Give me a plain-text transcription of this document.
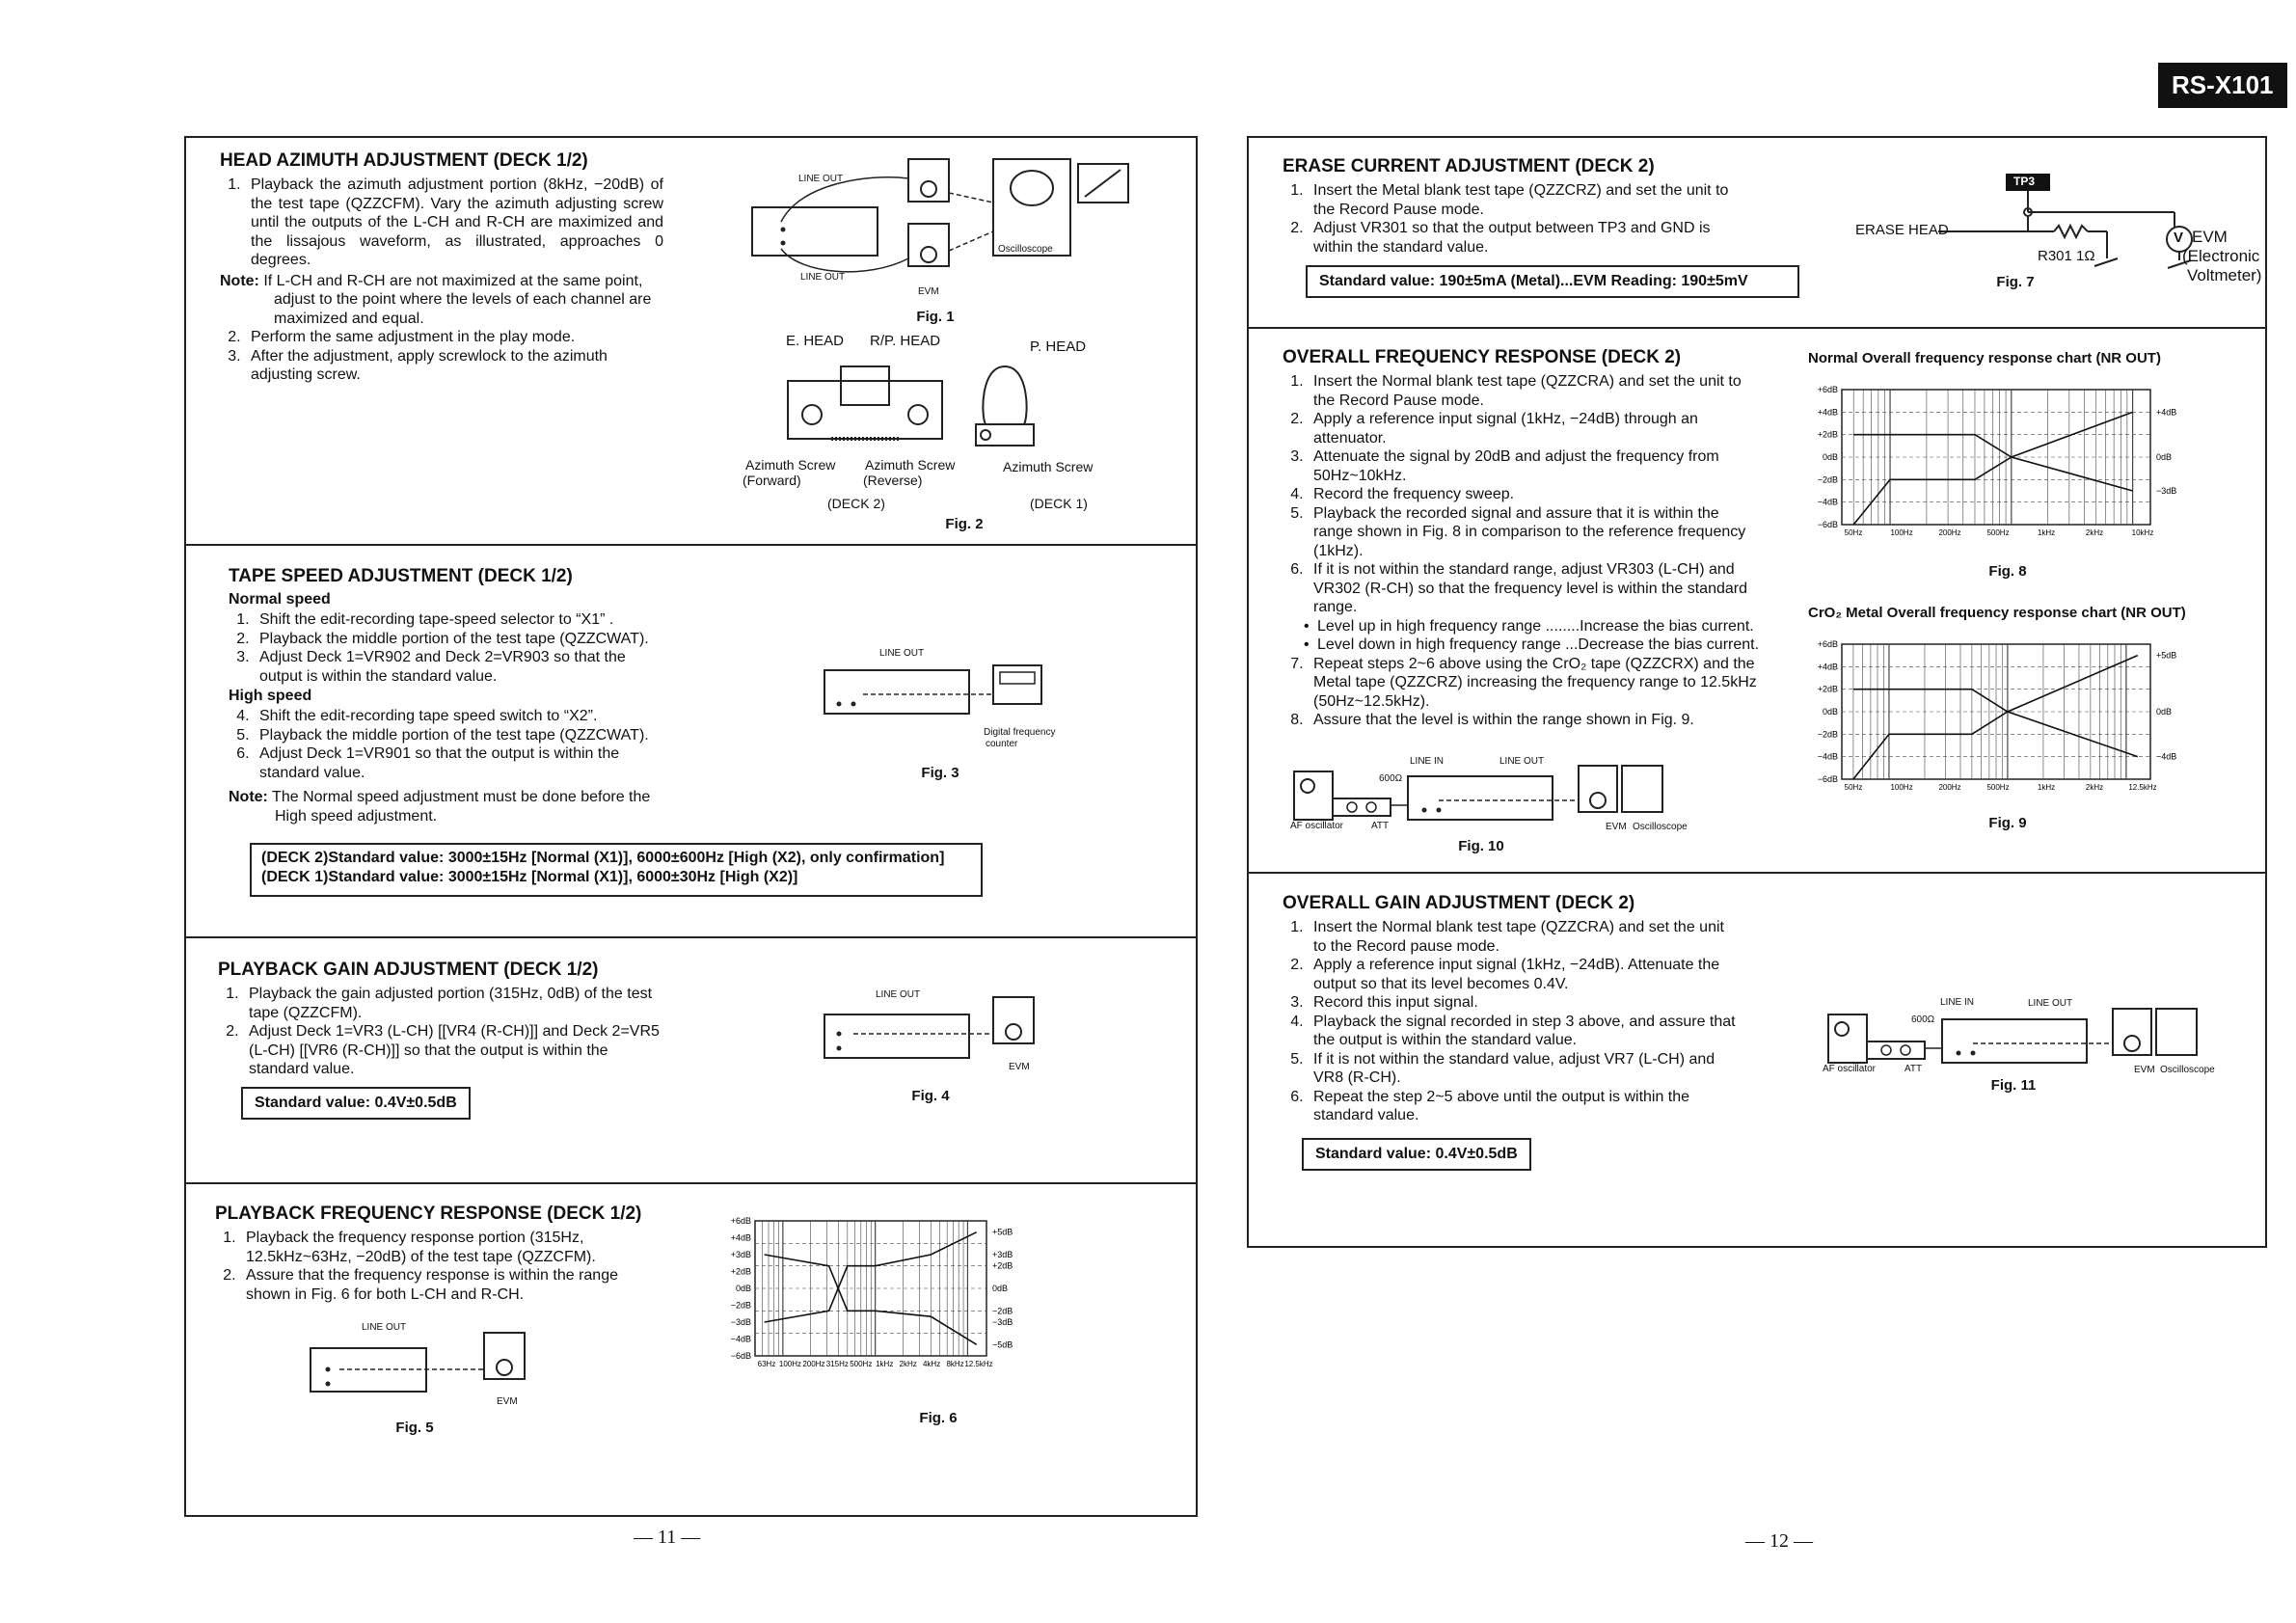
HEAD AZIMUTH ADJUSTMENT (DECK 1/2)
1. Playback the azimuth adjustment portion (8kHz, −20dB) of the test tape (QZZCFM). Vary the azimuth adjusting screw until the outputs of the L-CH and R-CH are maximized and the lissajous waveform, as illustrated, approaches 0 degrees.
Note: If L-CH and R-CH are not maximized at the same point, adjust to the point where the levels of each channel are maximized and equal.
2. Perform the same adjustment in the play mode.
3. After the adjustment, apply screwlock to the azimuth adjusting screw.
LINE OUT
LINE OUT
Oscilloscope
EVM
Fig. 1
E. HEAD R/P. HEAD	P. HEAD
Azimuth Screw
(Forward)
Azimuth Screw
(Reverse)
Azimuth Screw
(DECK 2)	(DECK 1)
Fig. 2
TAPE SPEED ADJUSTMENT (DECK 1/2)
Normal speed
1. Shift the edit-recording tape-speed selector to “X1” .
2. Playback the middle portion of the test tape (QZZCWAT).
3. Adjust Deck 1=VR902 and Deck 2=VR903 so that the output is within the standard value.
High speed
4. Shift the edit-recording tape speed switch to “X2”.
5. Playback the middle portion of the test tape (QZZCWAT).
6. Adjust Deck 1=VR901 so that the output is within the standard value.
Note: The Normal speed adjustment must be done before the High speed adjustment.
LINE OUT
Digital frequency
counter
Fig. 3
(DECK 2)Standard value: 3000±15Hz [Normal (X1)], 6000±600Hz [High (X2), only confirmation]
(DECK 1)Standard value: 3000±15Hz [Normal (X1)], 6000±30Hz [High (X2)]
PLAYBACK GAIN ADJUSTMENT (DECK 1/2)
1. Playback the gain adjusted portion (315Hz, 0dB) of the test tape (QZZCFM).
2. Adjust Deck 1=VR3 (L-CH) [[VR4 (R-CH)]] and Deck 2=VR5 (L-CH) [[VR6 (R-CH)]] so that the output is within the standard value.
Standard value: 0.4V±0.5dB
LINE OUT
EVM
Fig. 4
PLAYBACK FREQUENCY RESPONSE (DECK 1/2)
1. Playback the frequency response portion (315Hz, 12.5kHz~63Hz, −20dB) of the test tape (QZZCFM).
2. Assure that the frequency response is within the range shown in Fig. 6 for both L-CH and R-CH.
LINE OUT
EVM
Fig. 5
+6dB
+4dB
+3dB
+2dB
0dB
−2dB
−3dB
−4dB
−6dB
+5dB
+3dB
+2dB
0dB
−2dB
−3dB
−5dB
63Hz 100Hz 200Hz 315Hz 500Hz 1kHz 2kHz 4kHz 8kHz 12.5kHz
Fig. 6
— 11 —
RS-X101
ERASE CURRENT ADJUSTMENT (DECK 2)
1. Insert the Metal blank test tape (QZZCRZ) and set the unit to the Record Pause mode.
2. Adjust VR301 so that the output between TP3 and GND is within the standard value.
Standard value: 190±5mA (Metal)...EVM Reading: 190±5mV
TP3
ERASE HEAD
R301 1Ω
V EVM
(Electronic
Voltmeter)
Fig. 7
OVERALL FREQUENCY RESPONSE (DECK 2)
1. Insert the Normal blank test tape (QZZCRA) and set the unit to the Record Pause mode.
2. Apply a reference input signal (1kHz, −24dB) through an attenuator.
3. Attenuate the signal by 20dB and adjust the frequency from 50Hz~10kHz.
4. Record the frequency sweep.
5. Playback the recorded signal and assure that it is within the range shown in Fig. 8 in comparison to the reference frequency (1kHz).
6. If it is not within the standard range, adjust VR303 (L-CH) and VR302 (R-CH) so that the frequency level is within the standard range.
• Level up in high frequency range ........Increase the bias current.
• Level down in high frequency range ...Decrease the bias current.
7. Repeat steps 2~6 above using the CrO₂ tape (QZZCRX) and the Metal tape (QZZCRZ) increasing the frequency range to 12.5kHz (50Hz~12.5kHz).
8. Assure that the level is within the range shown in Fig. 9.
LINE IN	LINE OUT
600Ω
AF oscillator	ATT	EVM Oscilloscope
Fig. 10
Normal Overall frequency response chart (NR OUT)
+6dB
+4dB
+2dB
0dB
−2dB
−4dB
−6dB
+4dB
0dB
−3dB
50Hz	100Hz	200Hz	500Hz	1kHz	2kHz	10kHz
Fig. 8
CrO₂ Metal Overall frequency response chart (NR OUT)
+6dB
+4dB
+2dB
0dB
−2dB
−4dB
−6dB
+5dB
0dB
−4dB
50Hz	100Hz	200Hz	500Hz	1kHz	2kHz	12.5kHz
Fig. 9
OVERALL GAIN ADJUSTMENT (DECK 2)
1. Insert the Normal blank test tape (QZZCRA) and set the unit to the Record pause mode.
2. Apply a reference input signal (1kHz, −24dB). Attenuate the output so that its level becomes 0.4V.
3. Record this input signal.
4. Playback the signal recorded in step 3 above, and assure that the output is within the standard value.
5. If it is not within the standard value, adjust VR7 (L-CH) and VR8 (R-CH).
6. Repeat the step 2~5 above until the output is within the standard value.
Standard value: 0.4V±0.5dB
LINE IN	LINE OUT
600Ω
AF oscillator	ATT	EVM Oscilloscope
Fig. 11
— 12 —
